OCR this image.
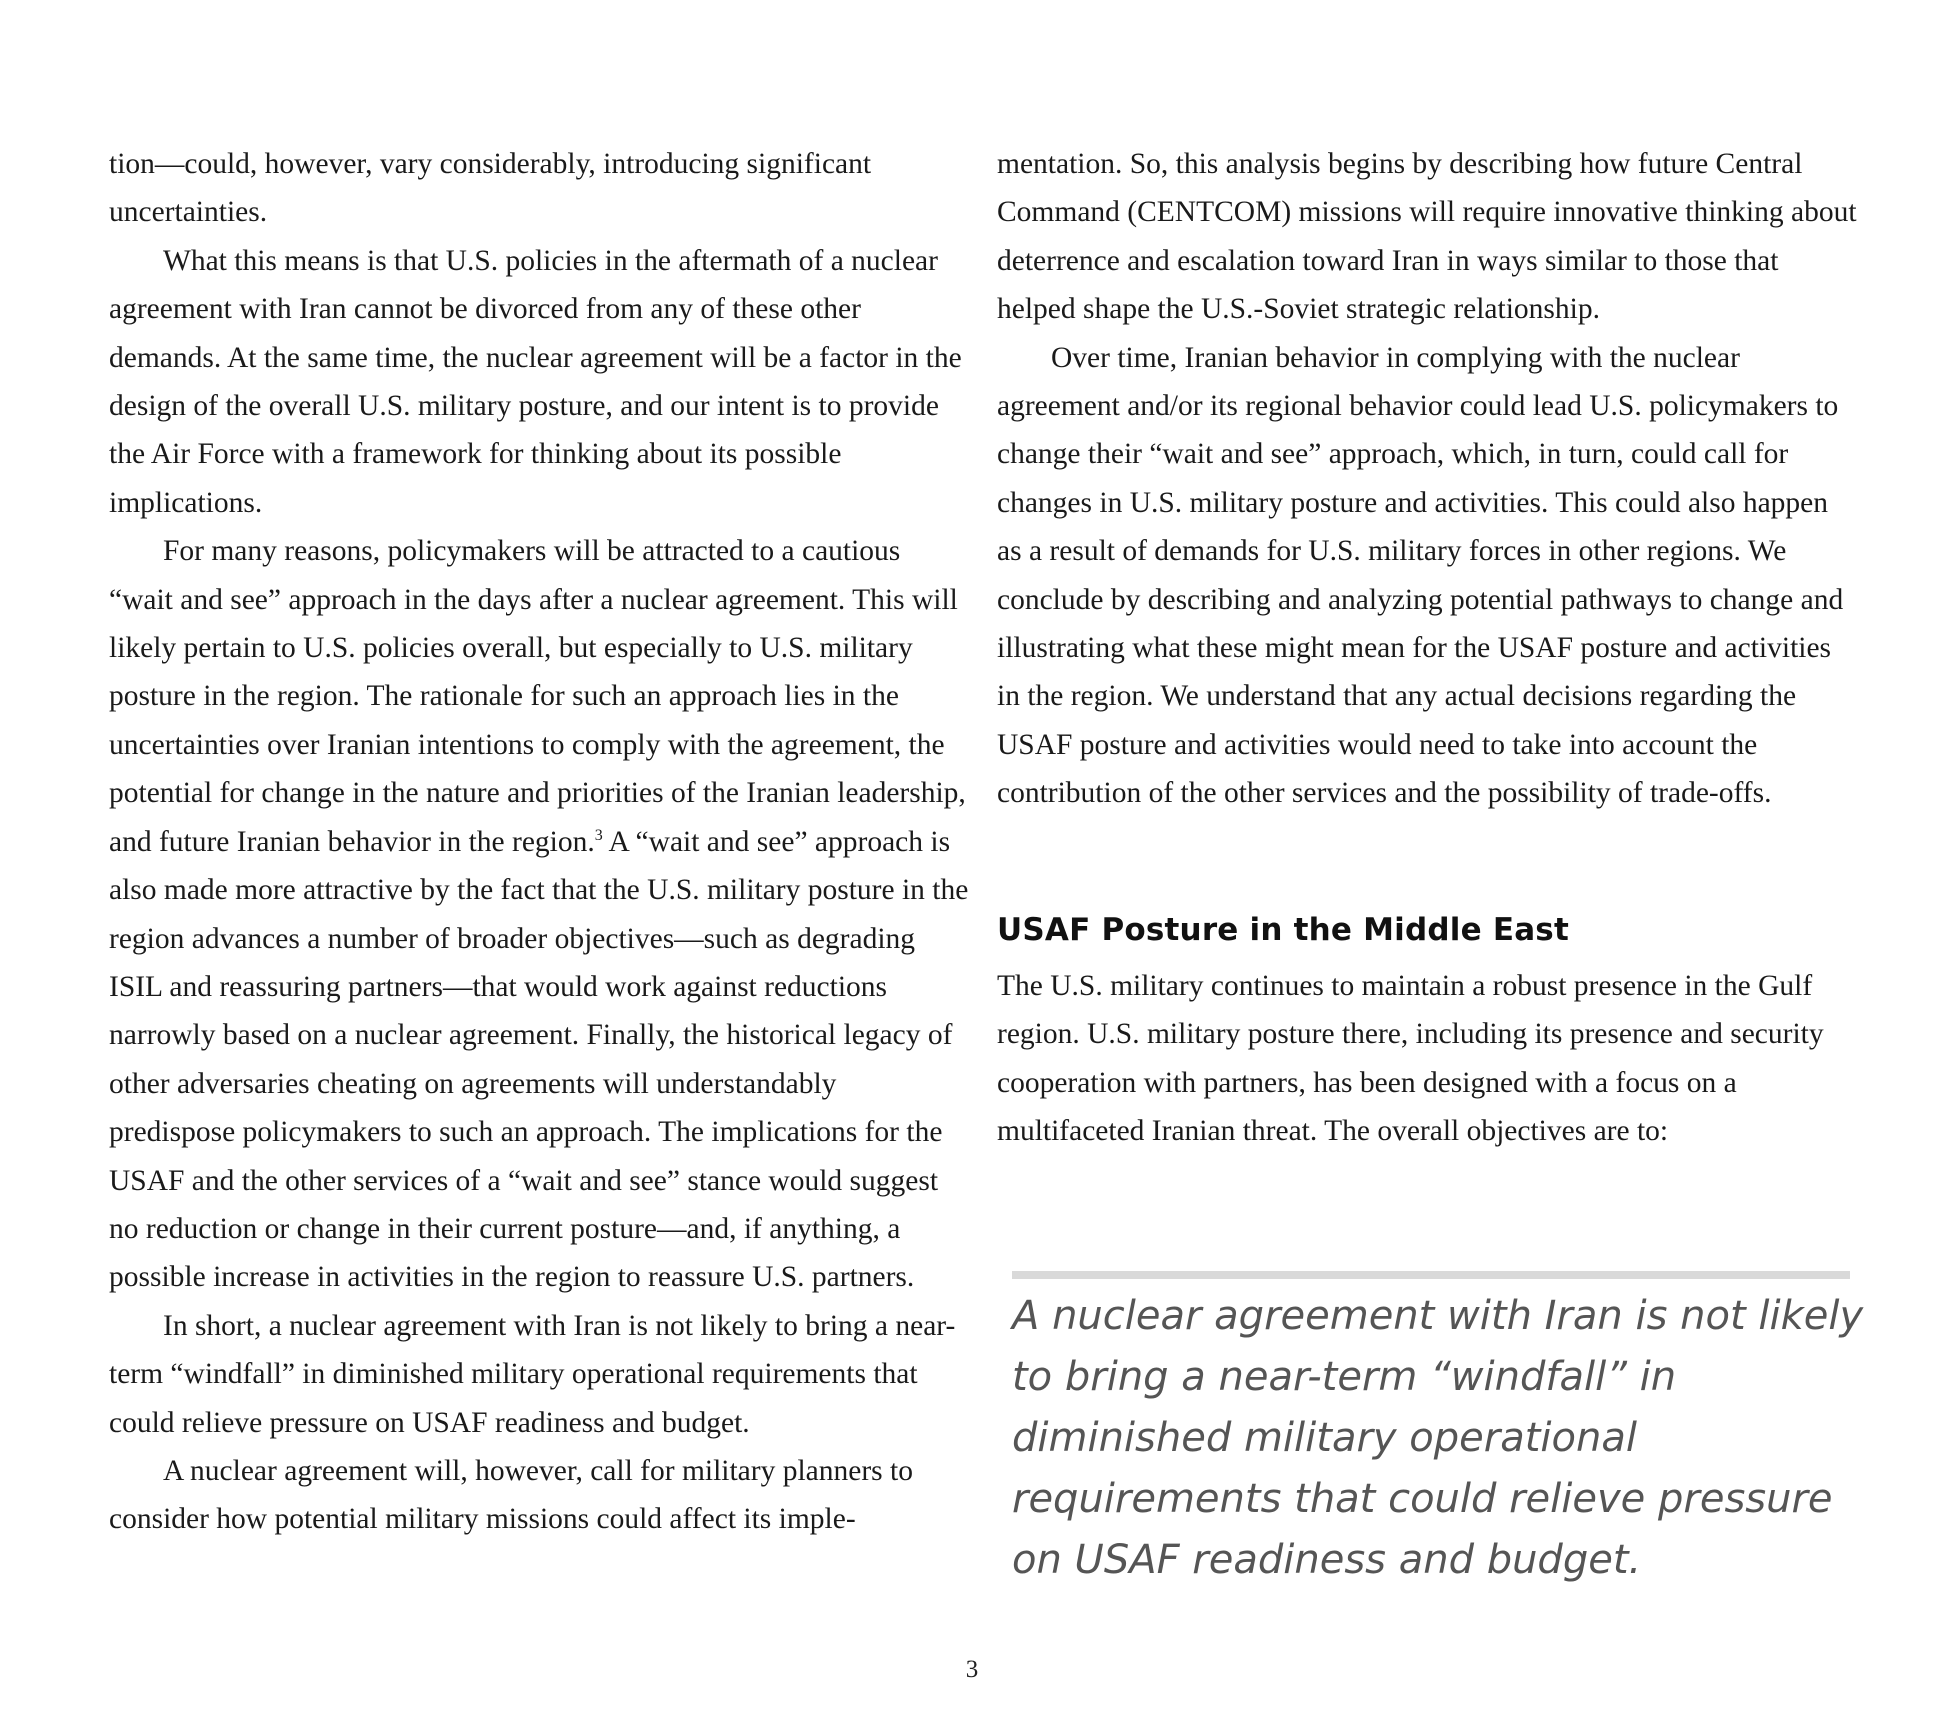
tion—could, however, vary considerably, introducing significant uncertainties.

What this means is that U.S. policies in the aftermath of a nuclear agreement with Iran cannot be divorced from any of these other demands. At the same time, the nuclear agreement will be a factor in the design of the overall U.S. military posture, and our intent is to provide the Air Force with a framework for thinking about its possible implications.

For many reasons, policymakers will be attracted to a cautious “wait and see” approach in the days after a nuclear agreement. This will likely pertain to U.S. policies overall, but especially to U.S. military posture in the region. The rationale for such an approach lies in the uncertainties over Iranian intentions to comply with the agreement, the potential for change in the nature and priorities of the Iranian leadership, and future Iranian behavior in the region.$^3$ A “wait and see” approach is also made more attractive by the fact that the U.S. military posture in the region advances a number of broader objectives—such as degrading ISIL and reassuring partners—that would work against reductions narrowly based on a nuclear agreement. Finally, the historical legacy of other adversaries cheating on agreements will understandably predispose policymakers to such an approach. The implications for the USAF and the other services of a “wait and see” stance would suggest no reduction or change in their current posture—and, if anything, a possible increase in activities in the region to reassure U.S. partners.

In short, a nuclear agreement with Iran is not likely to bring a near-term “windfall” in diminished military operational requirements that could relieve pressure on USAF readiness and budget.

A nuclear agreement will, however, call for military planners to consider how potential military missions could affect its imple-

mentation. So, this analysis begins by describing how future Central Command (CENTCOM) missions will require innovative thinking about deterrence and escalation toward Iran in ways similar to those that helped shape the U.S.-Soviet strategic relationship.

Over time, Iranian behavior in complying with the nuclear agreement and/or its regional behavior could lead U.S. policymakers to change their “wait and see” approach, which, in turn, could call for changes in U.S. military posture and activities. This could also happen as a result of demands for U.S. military forces in other regions. We conclude by describing and analyzing potential pathways to change and illustrating what these might mean for the USAF posture and activities in the region. We understand that any actual decisions regarding the USAF posture and activities would need to take into account the contribution of the other services and the possibility of trade-offs.

USAF Posture in the Middle East

The U.S. military continues to maintain a robust presence in the Gulf region. U.S. military posture there, including its presence and security cooperation with partners, has been designed with a focus on a multifaceted Iranian threat. The overall objectives are to:

A nuclear agreement with Iran is not likely to bring a near-term “windfall” in diminished military operational requirements that could relieve pressure on USAF readiness and budget.

3
